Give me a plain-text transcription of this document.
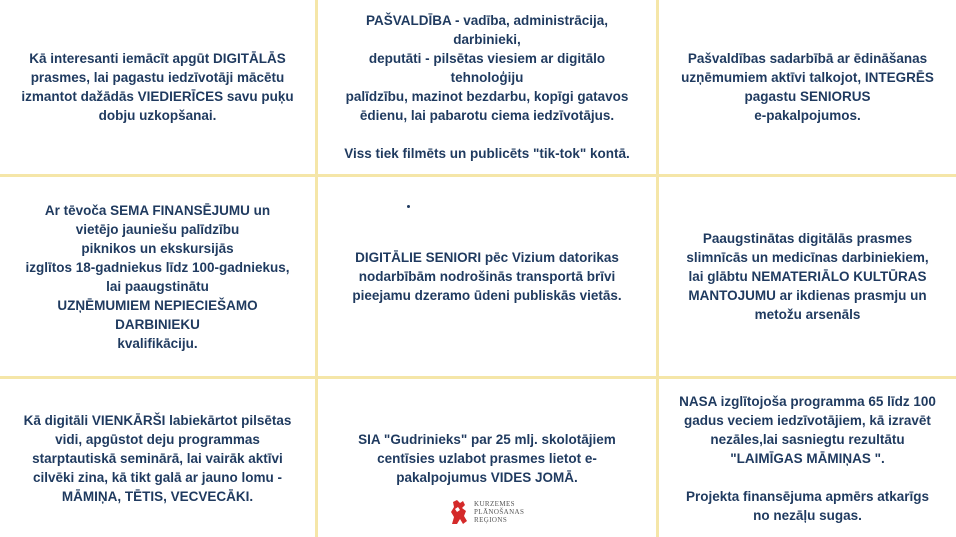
Kā interesanti iemācīt apgūt DIGITĀLĀS
prasmes, lai pagastu iedzīvotāji mācētu
izmantot dažādās VIEDIERĪCES savu puķu
dobju uzkopšanai.

PAŠVALDĪBA - vadība, administrācija, darbinieki,
deputāti - pilsētas viesiem ar digitālo tehnoloģiju
palīdzību, mazinot bezdarbu, kopīgi gatavos
ēdienu, lai pabarotu ciema iedzīvotājus.

Viss tiek filmēts un publicēts "tik-tok" kontā.

Pašvaldības sadarbībā ar ēdināšanas
uzņēmumiem aktīvi talkojot, INTEGRĒS
pagastu SENIORUS
e-pakalpojumos.

Ar tēvoča SEMA FINANSĒJUMU un
vietējo jauniešu palīdzību
piknikos un ekskursijās
izglītos 18-gadniekus līdz 100-gadniekus,
lai paaugstinātu
UZŅĒMUMIEM NEPIECIEŠAMO
DARBINIEKU
kvalifikāciju.

DIGITĀLIE SENIORI pēc Vizium datorikas
nodarbībām nodrošinās transportā brīvi
pieejamu dzeramo ūdeni publiskās vietās.

Paaugstinātas digitālās prasmes
slimnīcās un medicīnas darbiniekiem,
lai glābtu NEMATERIĀLO KULTŪRAS
MANTOJUMU ar ikdienas prasmju un
metožu arsenāls

Kā digitāli VIENKĀRŠI labiekārtot pilsētas
vidi, apgūstot deju programmas
starptautiskā seminārā, lai vairāk aktīvi
cilvēki zina, kā tikt galā ar jauno lomu -
MĀMIŅA, TĒTIS, VECVECĀKI.

SIA "Gudrinieks" par 25 mlj. skolotājiem
centīsies uzlabot prasmes lietot e-
pakalpojumus VIDES JOMĀ.

NASA izglītojoša programma 65 līdz 100
gadus veciem iedzīvotājiem, kā izravēt
nezāles,lai sasniegtu rezultātu
"LAIMĪGAS MĀMIŅAS ".

Projekta finansējuma apmērs atkarīgs
no nezāļu sugas.

KURZEMES
PLĀNOŠANAS
REĢIONS
